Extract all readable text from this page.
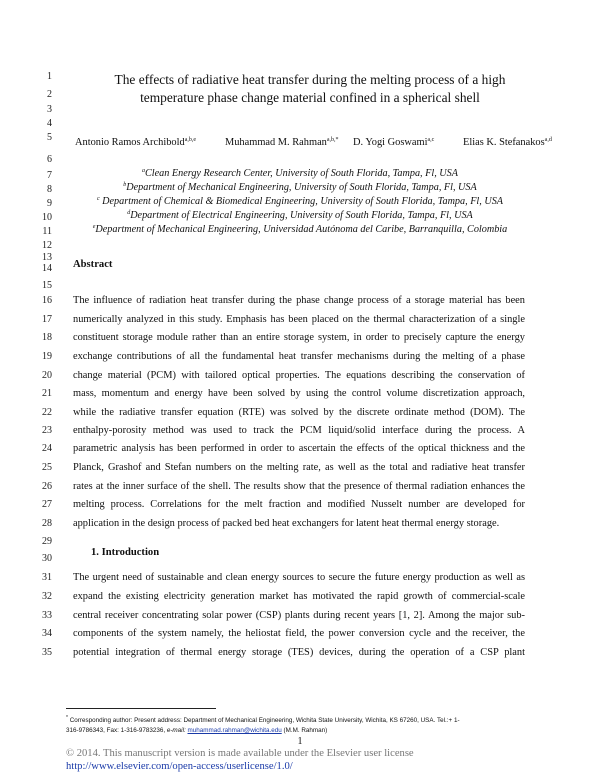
1
2
3
4
5
6
7
8
9
10
11
12
13
14
15
16
17
18
19
20
21
22
23
24
25
26
27
28
29
30
31
32
33
34
35
The effects of radiative heat transfer during the melting process of a high
temperature phase change material confined in a spherical shell
Antonio Ramos Archibold$^{a,b,e}$	Muhammad M. Rahman$^{a,b,*}$ D. Yogi Goswami$^{a,c}$	Elias K. Stefanakos$^{a,d}$
$^a$Clean Energy Research Center, University of South Florida, Tampa, Fl, USA
$^b$Department of Mechanical Engineering, University of South Florida, Tampa, Fl, USA
$^c$ Department of Chemical & Biomedical Engineering, University of South Florida, Tampa, Fl, USA
$^d$Department of Electrical Engineering, University of South Florida, Tampa, Fl, USA
$^e$Department of Mechanical Engineering, Universidad Autónoma del Caribe, Barranquilla, Colombia
Abstract
The influence of radiation heat transfer during the phase change process of a storage material has been
numerically analyzed in this study. Emphasis has been placed on the thermal characterization of a single
constituent storage module rather than an entire storage system, in order to precisely capture the energy
exchange contributions of all the fundamental heat transfer mechanisms during the melting of a phase
change material (PCM) with tailored optical properties. The equations describing the conservation of
mass, momentum and energy have been solved by using the control volume discretization approach,
while the radiative transfer equation (RTE) was solved by the discrete ordinate method (DOM). The
enthalpy-porosity method was used to track the PCM liquid/solid interface during the process. A
parametric analysis has been performed in order to ascertain the effects of the optical thickness and the
Planck, Grashof and Stefan numbers on the melting rate, as well as the total and radiative heat transfer
rates at the inner surface of the shell. The results show that the presence of thermal radiation enhances the
melting process. Correlations for the melt fraction and modified Nusselt number are developed for
application in the design process of packed bed heat exchangers for latent heat thermal energy storage.
1. Introduction
The urgent need of sustainable and clean energy sources to secure the future energy production as well as
expand the existing electricity generation market has motivated the rapid growth of commercial-scale
central receiver concentrating solar power (CSP) plants during recent years [1, 2]. Among the major sub-
components of the system namely, the heliostat field, the power conversion cycle and the receiver, the
potential integration of thermal energy storage (TES) devices, during the operation of a CSP plant
* Corresponding author: Present address: Department of Mechanical Engineering, Wichita State University, Wichita, KS 67260, USA. Tel.:+ 1-
316-9786343, Fax: 1-316-9783236, e-mail: muhammad.rahman@wichita.edu (M.M. Rahman)
1
© 2014. This manuscript version is made available under the Elsevier user license
http://www.elsevier.com/open-access/userlicense/1.0/
